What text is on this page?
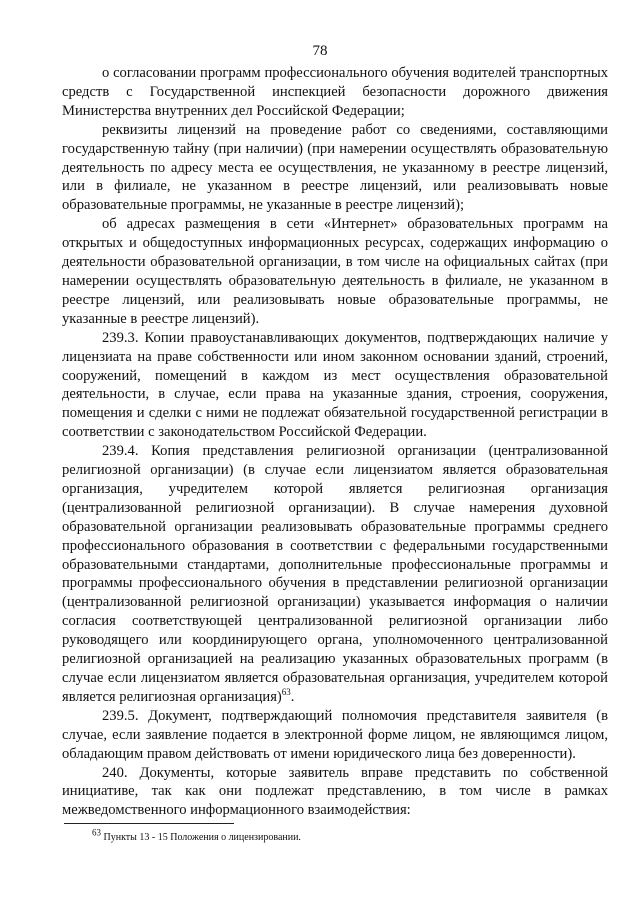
78

о согласовании программ профессионального обучения водителей транспортных средств с Государственной инспекцией безопасности дорожного движения Министерства внутренних дел Российской Федерации;

реквизиты лицензий на проведение работ со сведениями, составляющими государственную тайну (при наличии) (при намерении осуществлять образовательную деятельность по адресу места ее осуществления, не указанному в реестре лицензий, или в филиале, не указанном в реестре лицензий, или реализовывать новые образовательные программы, не указанные в реестре лицензий);

об адресах размещения в сети «Интернет» образовательных программ на открытых и общедоступных информационных ресурсах, содержащих информацию о деятельности образовательной организации, в том числе на официальных сайтах (при намерении осуществлять образовательную деятельность в филиале, не указанном в реестре лицензий, или реализовывать новые образовательные программы, не указанные в реестре лицензий).

239.3. Копии правоустанавливающих документов, подтверждающих наличие у лицензиата на праве собственности или ином законном основании зданий, строений, сооружений, помещений в каждом из мест осуществления образовательной деятельности, в случае, если права на указанные здания, строения, сооружения, помещения и сделки с ними не подлежат обязательной государственной регистрации в соответствии с законодательством Российской Федерации.

239.4. Копия представления религиозной организации (централизованной религиозной организации) (в случае если лицензиатом является образовательная организация, учредителем которой является религиозная организация (централизованной религиозной организации). В случае намерения духовной образовательной организации реализовывать образовательные программы среднего профессионального образования в соответствии с федеральными государственными образовательными стандартами, дополнительные профессиональные программы и программы профессионального обучения в представлении религиозной организации (централизованной религиозной организации) указывается информация о наличии согласия соответствующей централизованной религиозной организации либо руководящего или координирующего органа, уполномоченного централизованной религиозной организацией на реализацию указанных образовательных программ (в случае если лицензиатом является образовательная организация, учредителем которой является религиозная организация)$^{63}$.

239.5. Документ, подтверждающий полномочия представителя заявителя (в случае, если заявление подается в электронной форме лицом, не являющимся лицом, обладающим правом действовать от имени юридического лица без доверенности).

240. Документы, которые заявитель вправе представить по собственной инициативе, так как они подлежат представлению, в том числе в рамках межведомственного информационного взаимодействия:

$^{63}$ Пункты 13 - 15 Положения о лицензировании.
